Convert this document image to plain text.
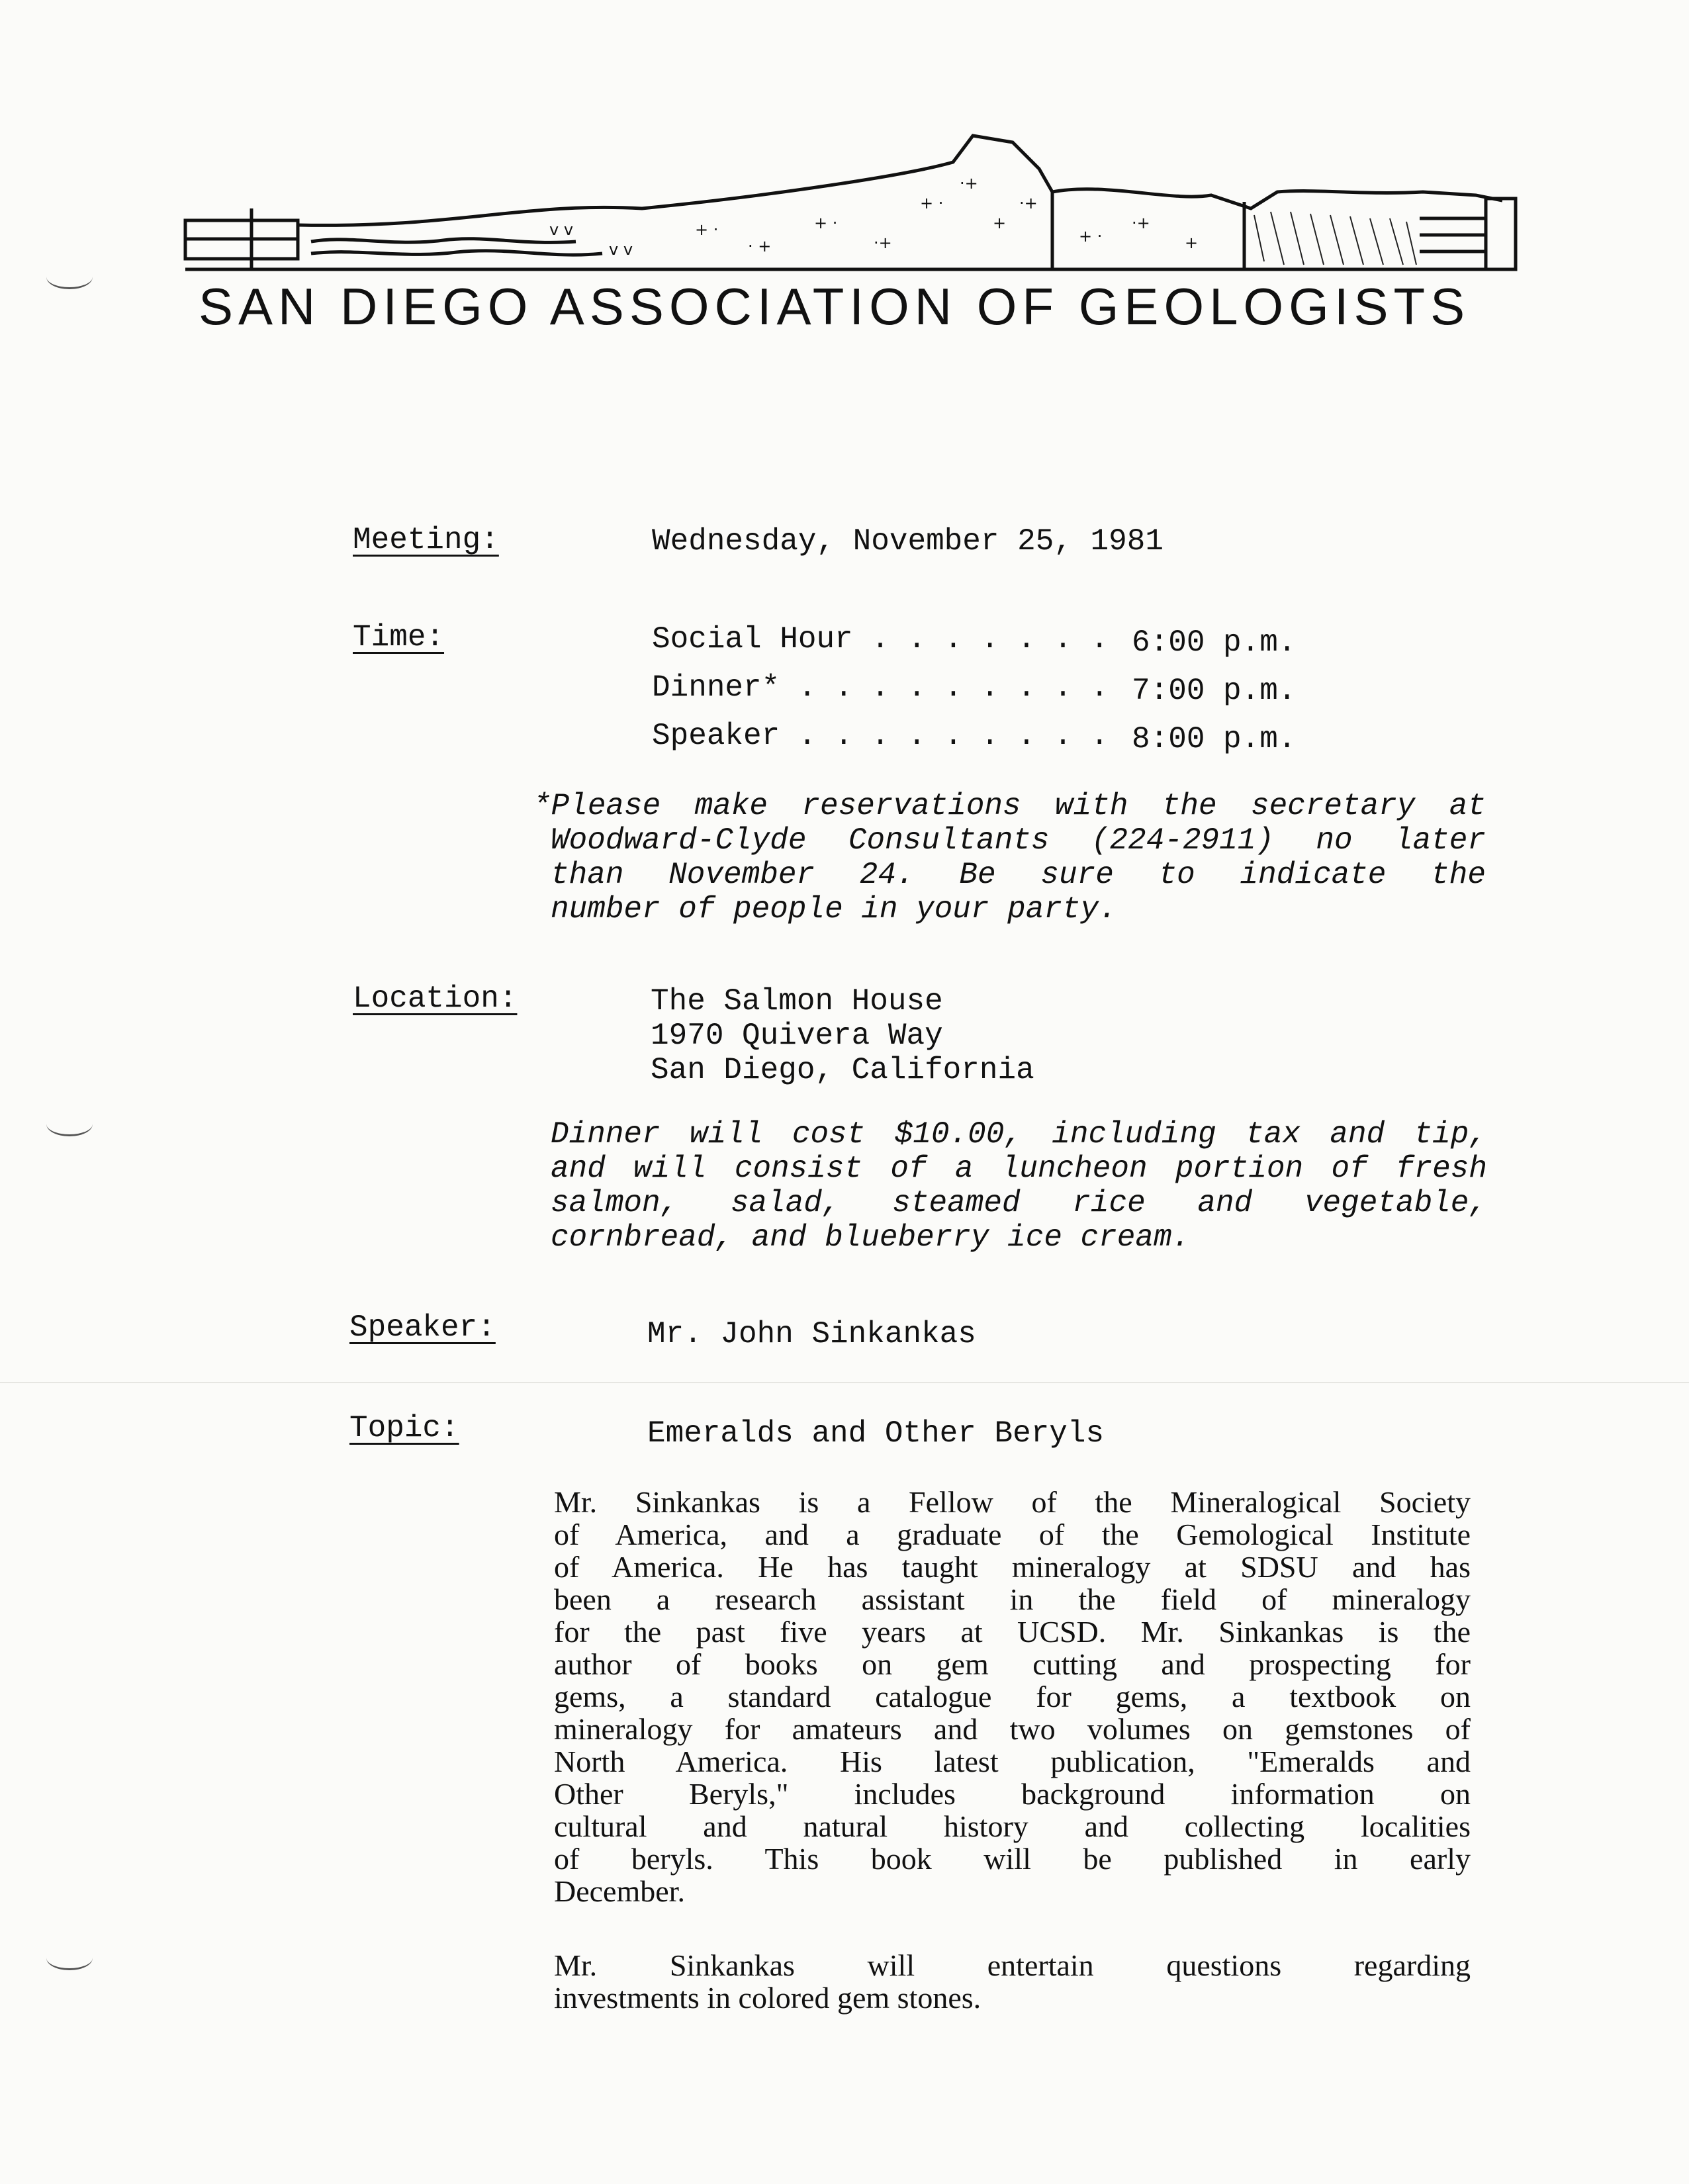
+ ·
· +
+ ·
·+
+ ·
·+
+
·+
+ ·
·+
+
v v
v v
SAN DIEGO ASSOCIATION OF GEOLOGISTS
Meeting:	Wednesday, November 25, 1981
Time:	Social Hour . . . . . . . 6:00 p.m.
Dinner* . . . . . . . . . 7:00 p.m.
Speaker . . . . . . . . . 8:00 p.m.
*Please make reservations with the secretary at
Woodward-Clyde Consultants (224-2911) no later
than November 24. Be sure to indicate the
number of people in your party.
Location:	The Salmon House
1970 Quivera Way
San Diego, California
Dinner will cost $10.00, including tax and tip,
and will consist of a luncheon portion of fresh
salmon, salad, steamed rice and vegetable,
cornbread, and blueberry ice cream.
Speaker:	Mr. John Sinkankas
Topic:	Emeralds and Other Beryls
Mr. Sinkankas is a Fellow of the Mineralogical Society
of America, and a graduate of the Gemological Institute
of America. He has taught mineralogy at SDSU and has
been a research assistant in the field of mineralogy
for the past five years at UCSD. Mr. Sinkankas is the
author of books on gem cutting and prospecting for
gems, a standard catalogue for gems, a textbook on
mineralogy for amateurs and two volumes on gemstones of
North America. His latest publication, "Emeralds and
Other Beryls," includes background information on
cultural and natural history and collecting localities
of beryls. This book will be published in early
December.
Mr. Sinkankas will entertain questions regarding
investments in colored gem stones.
